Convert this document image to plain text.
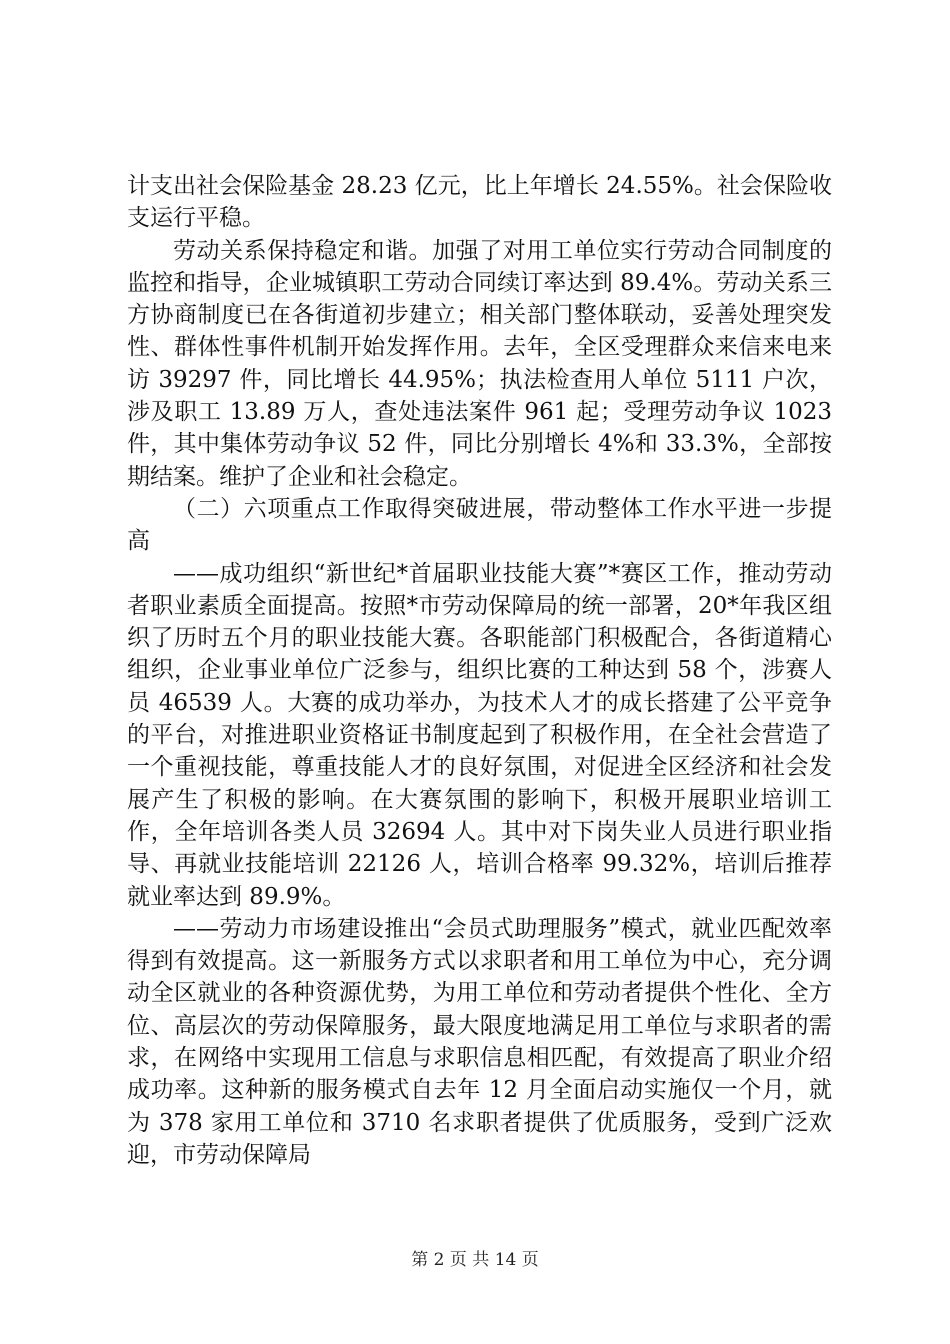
计支出社会保险基金 28.23 亿元，比上年增长 24.55%。社会保险收支运行平稳。

劳动关系保持稳定和谐。加强了对用工单位实行劳动合同制度的监控和指导，企业城镇职工劳动合同续订率达到 89.4%。劳动关系三方协商制度已在各街道初步建立；相关部门整体联动，妥善处理突发性、群体性事件机制开始发挥作用。去年，全区受理群众来信来电来访 39297 件，同比增长 44.95%；执法检查用人单位 5111 户次，涉及职工 13.89 万人，查处违法案件 961 起；受理劳动争议 1023 件，其中集体劳动争议 52 件，同比分别增长 4%和 33.3%，全部按期结案。维护了企业和社会稳定。

（二）六项重点工作取得突破进展，带动整体工作水平进一步提高

——成功组织“新世纪*首届职业技能大赛”*赛区工作，推动劳动者职业素质全面提高。按照*市劳动保障局的统一部署，20*年我区组织了历时五个月的职业技能大赛。各职能部门积极配合，各街道精心组织，企业事业单位广泛参与，组织比赛的工种达到 58 个，涉赛人员 46539 人。大赛的成功举办，为技术人才的成长搭建了公平竞争的平台，对推进职业资格证书制度起到了积极作用，在全社会营造了一个重视技能，尊重技能人才的良好氛围，对促进全区经济和社会发展产生了积极的影响。在大赛氛围的影响下，积极开展职业培训工作，全年培训各类人员 32694 人。其中对下岗失业人员进行职业指导、再就业技能培训 22126 人，培训合格率 99.32%，培训后推荐就业率达到 89.9%。

——劳动力市场建设推出“会员式助理服务”模式，就业匹配效率得到有效提高。这一新服务方式以求职者和用工单位为中心，充分调动全区就业的各种资源优势，为用工单位和劳动者提供个性化、全方位、高层次的劳动保障服务，最大限度地满足用工单位与求职者的需求，在网络中实现用工信息与求职信息相匹配，有效提高了职业介绍成功率。这种新的服务模式自去年 12 月全面启动实施仅一个月，就为 378 家用工单位和 3710 名求职者提供了优质服务，受到广泛欢迎，市劳动保障局

第 2 页 共 14 页
